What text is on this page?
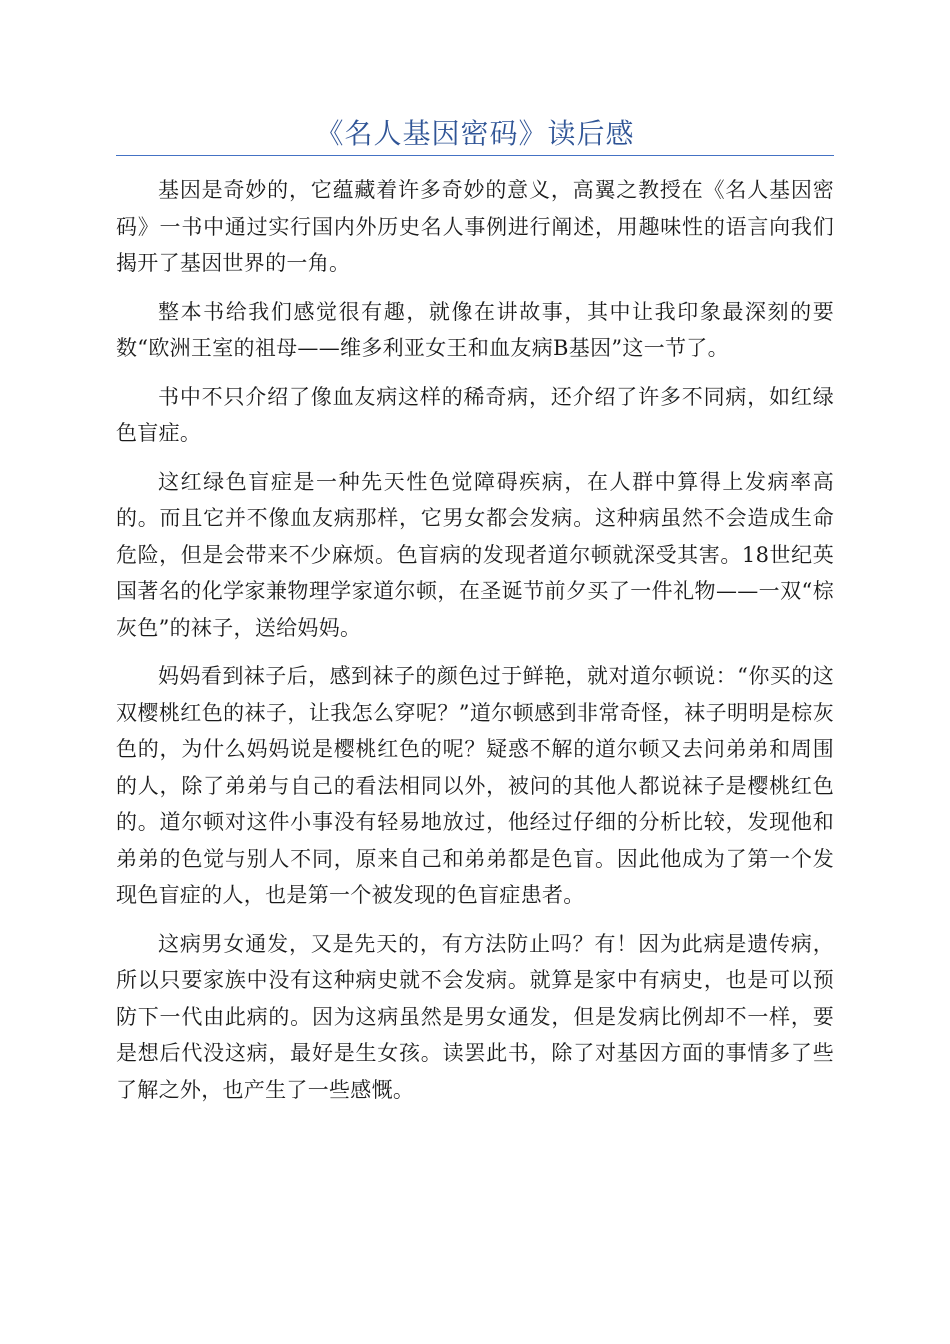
《名人基因密码》读后感

基因是奇妙的，它蕴藏着许多奇妙的意义，高翼之教授在《名人基因密码》一书中通过实行国内外历史名人事例进行阐述，用趣味性的语言向我们揭开了基因世界的一角。

整本书给我们感觉很有趣，就像在讲故事，其中让我印象最深刻的要数“欧洲王室的祖母——维多利亚女王和血友病B基因”这一节了。

书中不只介绍了像血友病这样的稀奇病，还介绍了许多不同病，如红绿色盲症。

这红绿色盲症是一种先天性色觉障碍疾病，在人群中算得上发病率高的。而且它并不像血友病那样，它男女都会发病。这种病虽然不会造成生命危险，但是会带来不少麻烦。色盲病的发现者道尔顿就深受其害。18世纪英国著名的化学家兼物理学家道尔顿，在圣诞节前夕买了一件礼物——一双“棕灰色”的袜子，送给妈妈。

妈妈看到袜子后，感到袜子的颜色过于鲜艳，就对道尔顿说：“你买的这双樱桃红色的袜子，让我怎么穿呢？”道尔顿感到非常奇怪，袜子明明是棕灰色的，为什么妈妈说是樱桃红色的呢？疑惑不解的道尔顿又去问弟弟和周围的人，除了弟弟与自己的看法相同以外，被问的其他人都说袜子是樱桃红色的。道尔顿对这件小事没有轻易地放过，他经过仔细的分析比较，发现他和弟弟的色觉与别人不同，原来自己和弟弟都是色盲。因此他成为了第一个发现色盲症的人，也是第一个被发现的色盲症患者。

这病男女通发，又是先天的，有方法防止吗？有！因为此病是遗传病，所以只要家族中没有这种病史就不会发病。就算是家中有病史，也是可以预防下一代由此病的。因为这病虽然是男女通发，但是发病比例却不一样，要是想后代没这病，最好是生女孩。读罢此书，除了对基因方面的事情多了些了解之外，也产生了一些感慨。
